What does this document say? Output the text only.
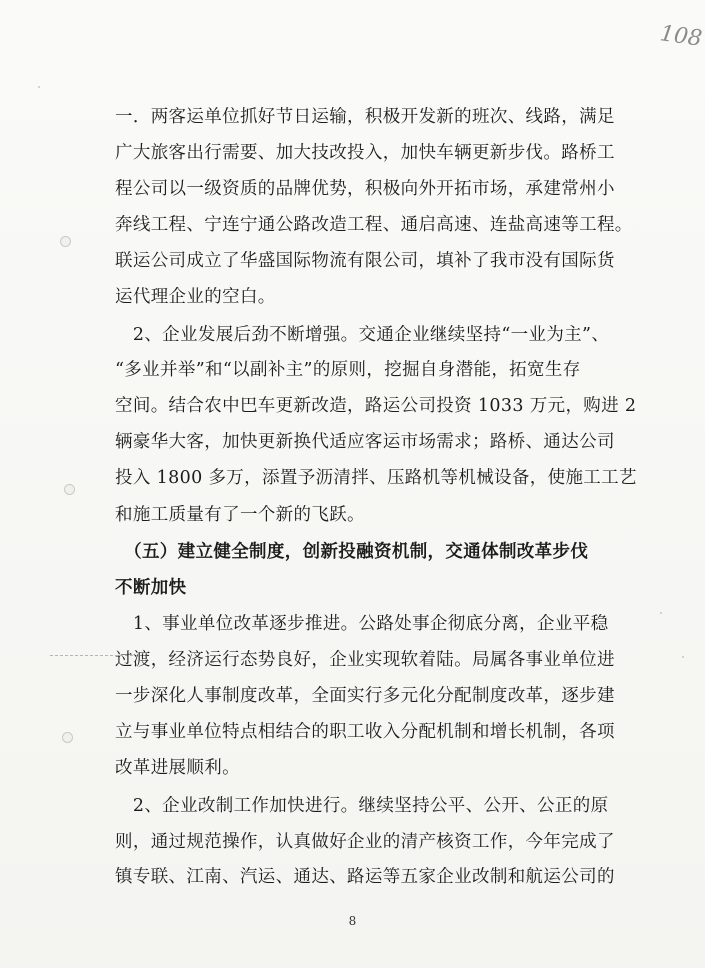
108
一．两客运单位抓好节日运输，积极开发新的班次、线路，满足
广大旅客出行需要、加大技改投入，加快车辆更新步伐。路桥工
程公司以一级资质的品牌优势，积极向外开拓市场，承建常州小
奔线工程、宁连宁通公路改造工程、通启高速、连盐高速等工程。
联运公司成立了华盛国际物流有限公司，填补了我市没有国际货
运代理企业的空白。
　2、企业发展后劲不断增强。交通企业继续坚持“一业为主”、
“多业并举”和“以副补主”的原则，挖掘自身潜能，拓宽生存
空间。结合农中巴车更新改造，路运公司投资 1033 万元，购进 2
辆豪华大客，加快更新换代适应客运市场需求；路桥、通达公司
投入 1800 多万，添置予沥清拌、压路机等机械设备，使施工工艺
和施工质量有了一个新的飞跃。
　（五）建立健全制度，创新投融资机制，交通体制改革步伐
不断加快
　1、事业单位改革逐步推进。公路处事企彻底分离，企业平稳
过渡，经济运行态势良好，企业实现软着陆。局属各事业单位进
一步深化人事制度改革，全面实行多元化分配制度改革，逐步建
立与事业单位特点相结合的职工收入分配机制和增长机制，各项
改革进展顺利。
　2、企业改制工作加快进行。继续坚持公平、公开、公正的原
则，通过规范操作，认真做好企业的清产核资工作，今年完成了
镇专联、江南、汽运、通达、路运等五家企业改制和航运公司的
8
